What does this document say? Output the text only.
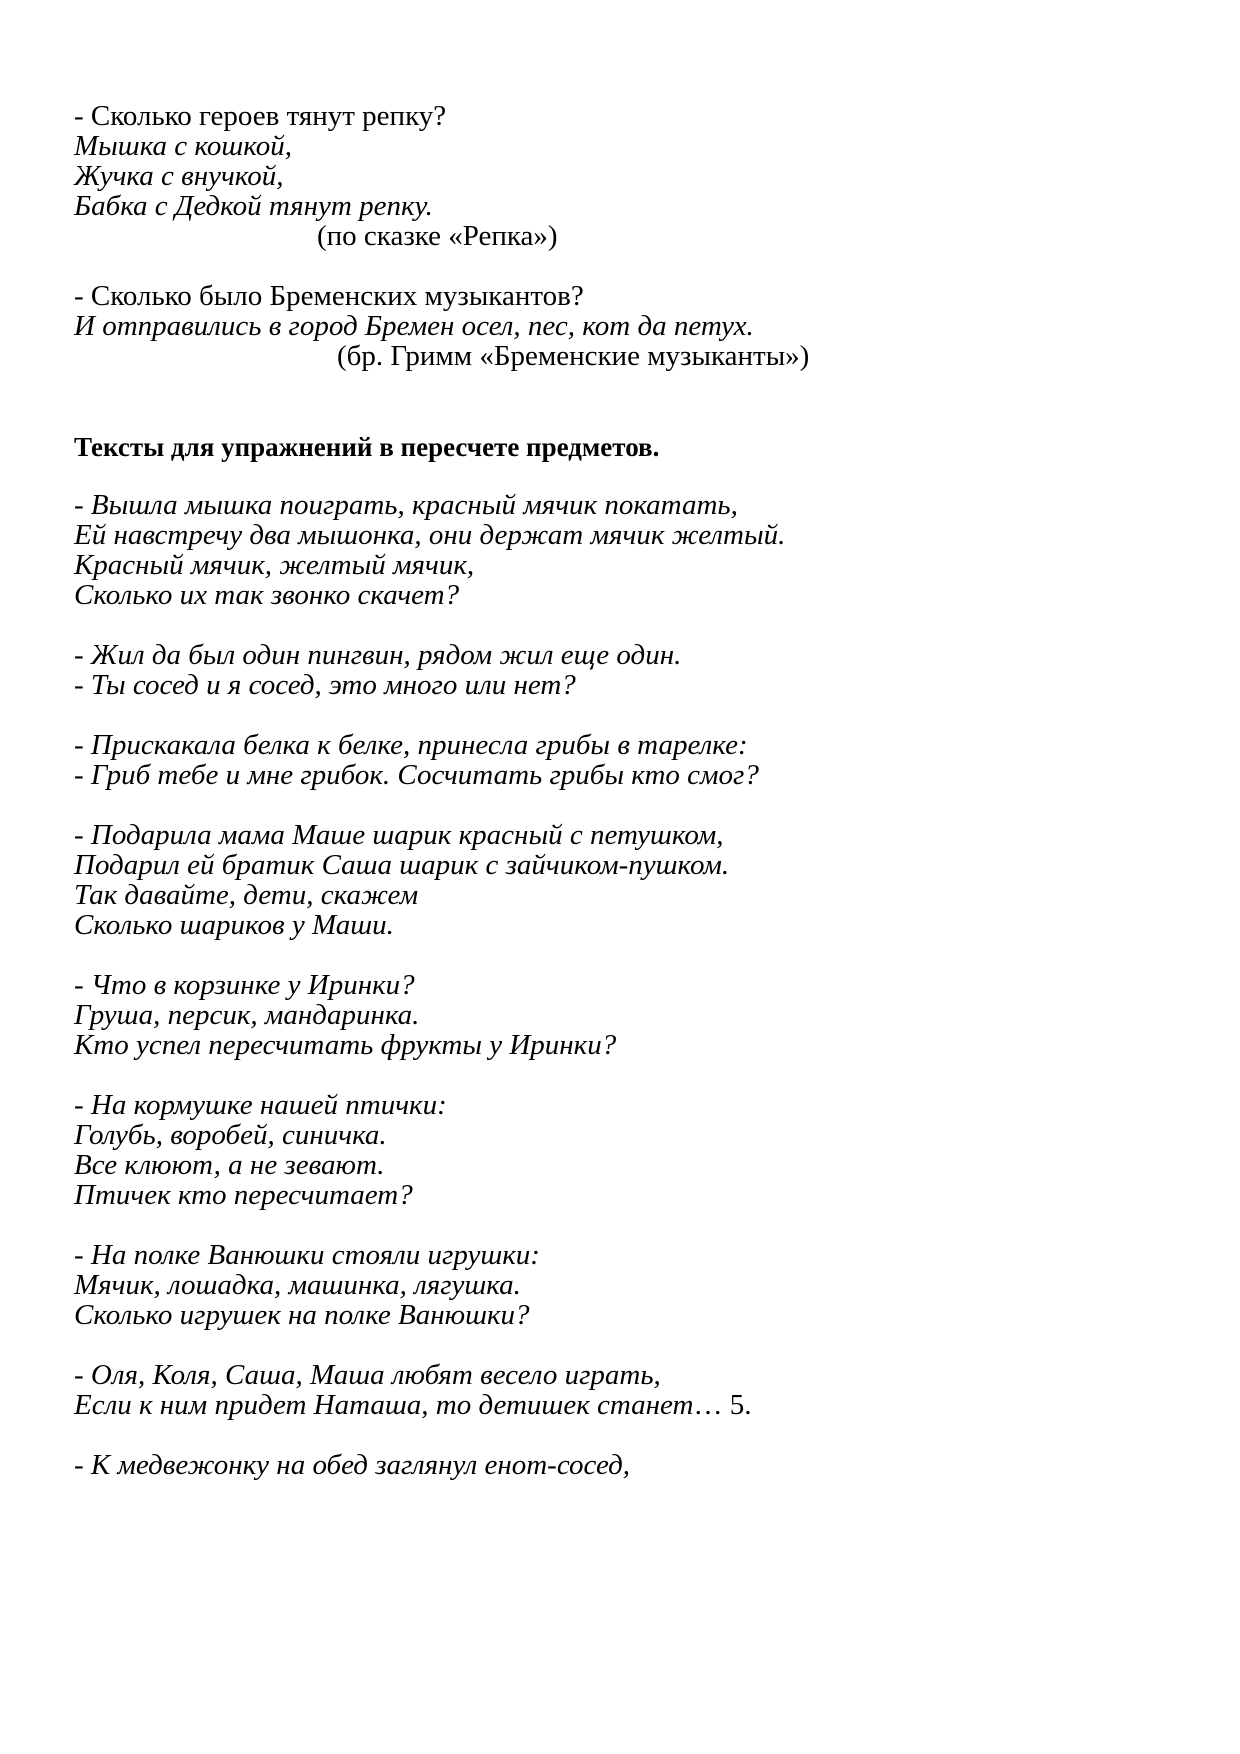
- Сколько героев тянут репку?
Мышка с кошкой,
Жучка с внучкой,
Бабка с Дедкой тянут репку.
(по сказке «Репка»)
- Сколько было Бременских музыкантов?
И отправились в город Бремен осел, пес, кот да петух.
(бр. Гримм «Бременские музыканты»)
Тексты для упражнений в пересчете предметов.
- Вышла мышка поиграть, красный мячик покатать,
Ей навстречу два мышонка, они держат мячик желтый.
Красный мячик, желтый мячик,
Сколько их так звонко скачет?
- Жил да был один пингвин, рядом жил еще один.
- Ты сосед и я сосед, это много или нет?
- Прискакала белка к белке, принесла грибы в тарелке:
- Гриб тебе и мне грибок. Сосчитать грибы кто смог?
- Подарила мама Маше шарик красный с петушком,
Подарил ей братик Саша шарик с зайчиком-пушком.
Так давайте, дети, скажем
Сколько шариков у Маши.
- Что в корзинке у Иринки?
Груша, персик, мандаринка.
Кто успел пересчитать фрукты у Иринки?
- На кормушке нашей птички:
Голубь, воробей, синичка.
Все клюют, а не зевают.
Птичек кто пересчитает?
- На полке Ванюшки стояли игрушки:
Мячик, лошадка, машинка, лягушка.
Сколько игрушек на полке Ванюшки?
- Оля, Коля, Саша, Маша любят весело играть,
Если к ним придет Наташа, то детишек станет… 5.
- К медвежонку на обед заглянул енот-сосед,
